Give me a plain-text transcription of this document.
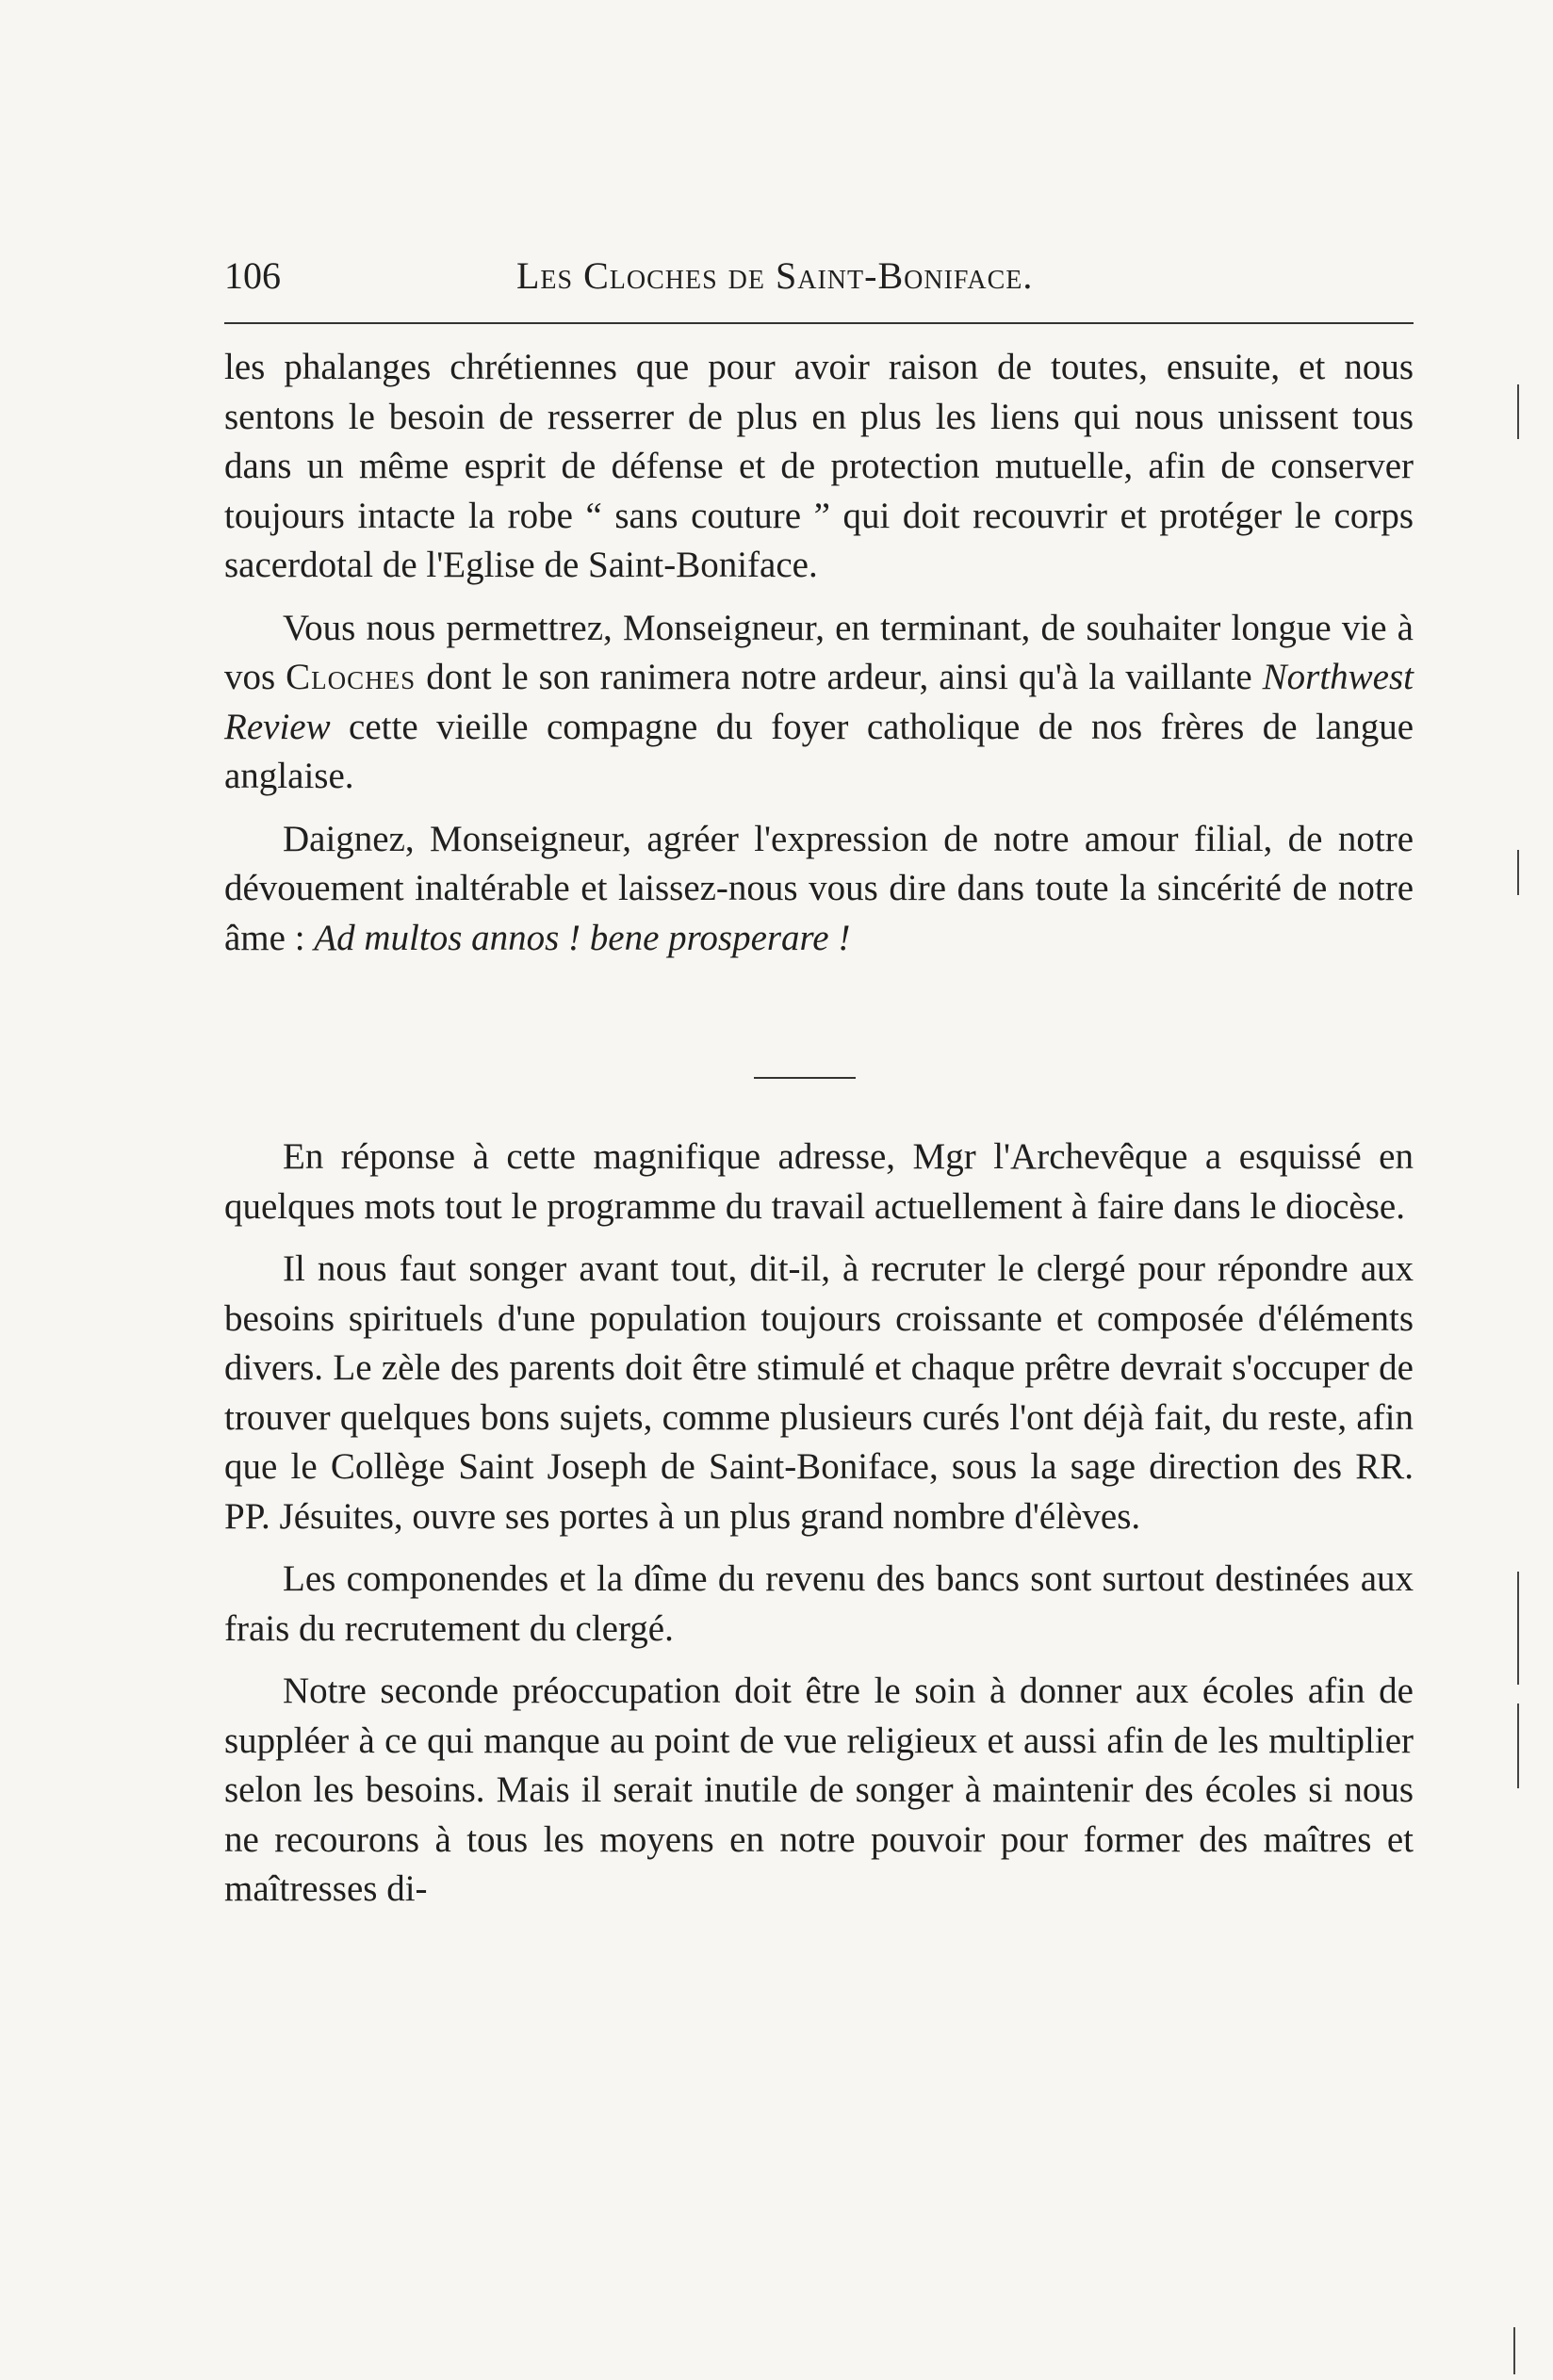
106	Les Cloches de Saint-Boniface.

les phalanges chrétiennes que pour avoir raison de toutes, ensuite, et nous sentons le besoin de resserrer de plus en plus les liens qui nous unissent tous dans un même esprit de défense et de protection mutuelle, afin de conserver toujours intacte la robe “ sans couture ” qui doit recouvrir et protéger le corps sacerdotal de l'Eglise de Saint-Boniface.

Vous nous permettrez, Monseigneur, en terminant, de souhaiter longue vie à vos Cloches dont le son ranimera notre ardeur, ainsi qu'à la vaillante Northwest Review cette vieille compagne du foyer catholique de nos frères de langue anglaise.

Daignez, Monseigneur, agréer l'expression de notre amour filial, de notre dévouement inaltérable et laissez-nous vous dire dans toute la sincérité de notre âme : Ad multos annos ! bene prosperare !

En réponse à cette magnifique adresse, Mgr l'Archevêque a esquissé en quelques mots tout le programme du travail actuellement à faire dans le diocèse.

Il nous faut songer avant tout, dit-il, à recruter le clergé pour répondre aux besoins spirituels d'une population toujours croissante et composée d'éléments divers. Le zèle des parents doit être stimulé et chaque prêtre devrait s'occuper de trouver quelques bons sujets, comme plusieurs curés l'ont déjà fait, du reste, afin que le Collège Saint Joseph de Saint-Boniface, sous la sage direction des RR. PP. Jésuites, ouvre ses portes à un plus grand nombre d'élèves.

Les componendes et la dîme du revenu des bancs sont surtout destinées aux frais du recrutement du clergé.

Notre seconde préoccupation doit être le soin à donner aux écoles afin de suppléer à ce qui manque au point de vue religieux et aussi afin de les multiplier selon les besoins. Mais il serait inutile de songer à maintenir des écoles si nous ne recourons à tous les moyens en notre pouvoir pour former des maîtres et maîtresses di-
